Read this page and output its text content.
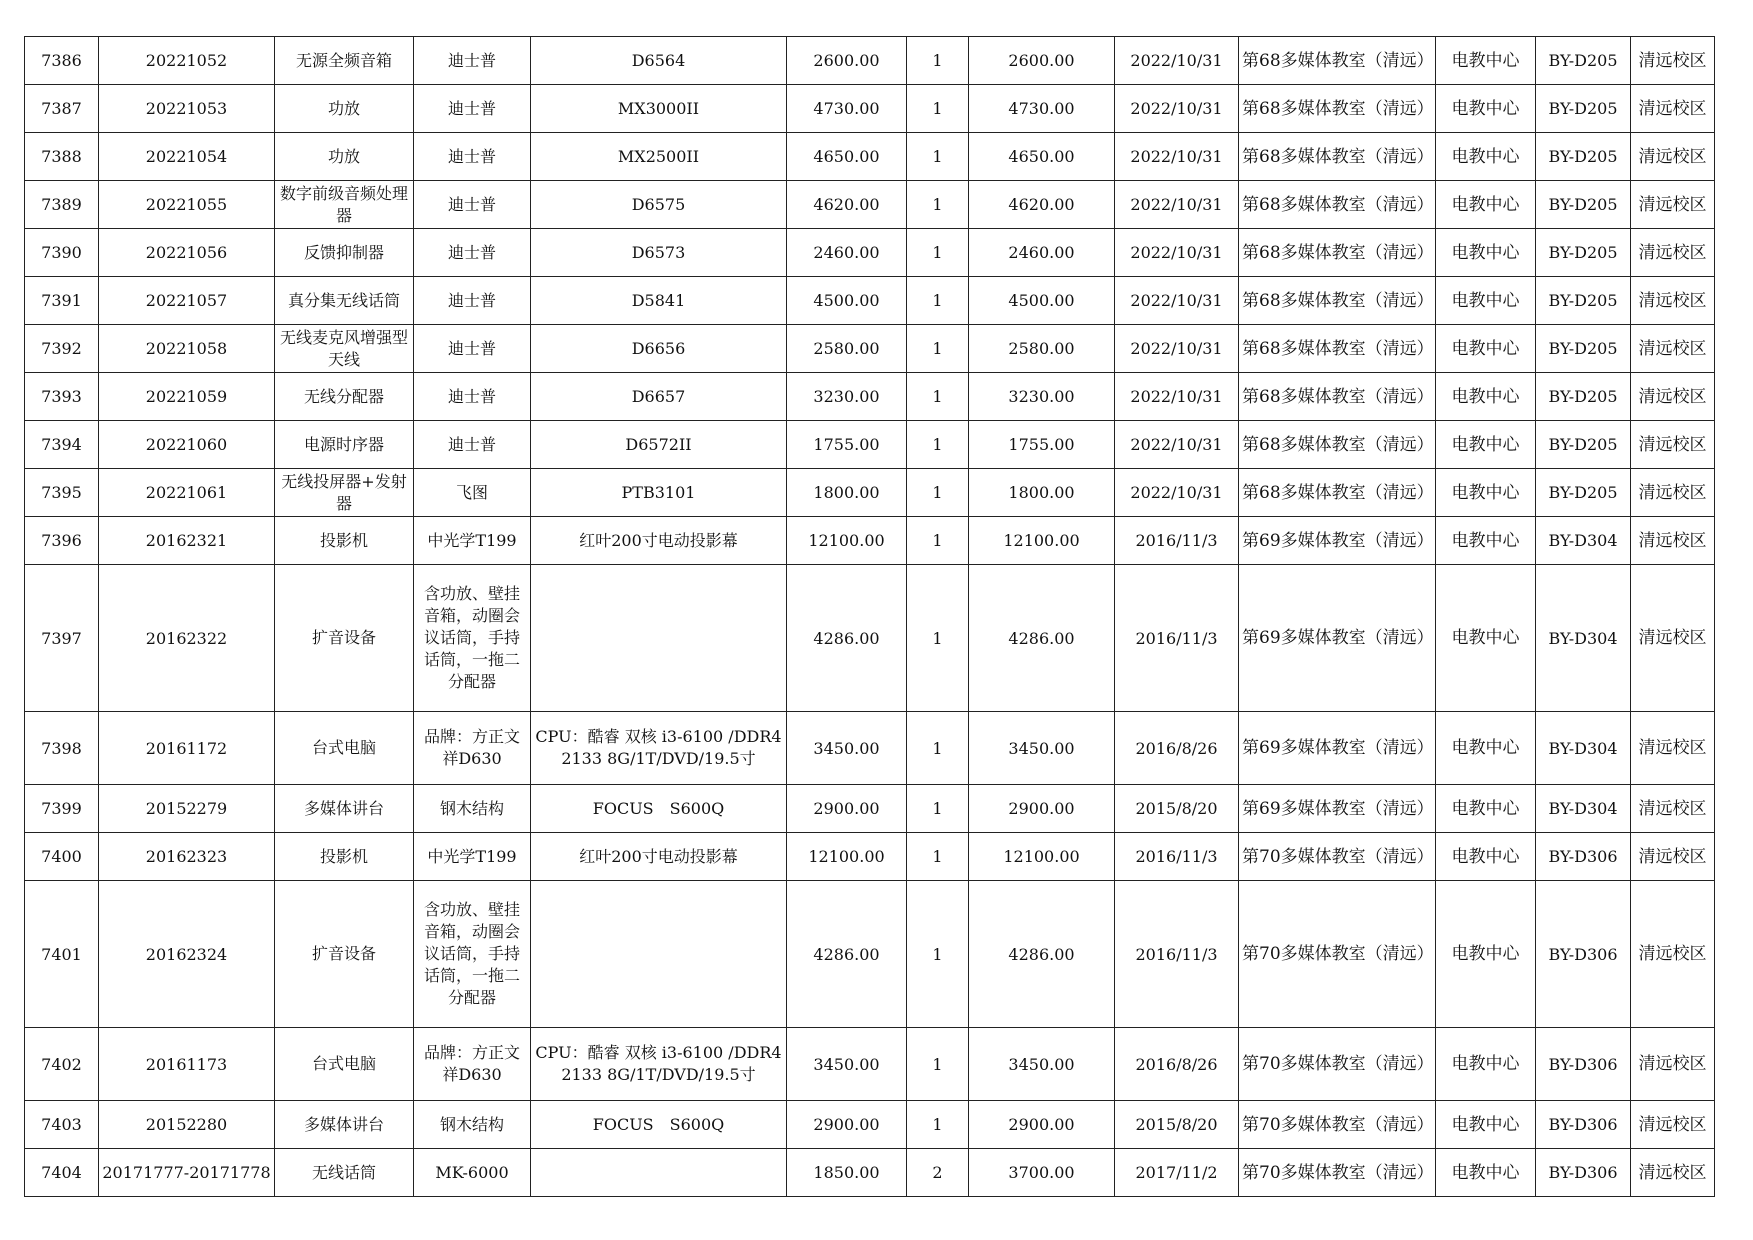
7386	20221052	无源全频音箱	迪士普	D6564	2600.00	1	2600.00	2022/10/31	第68多媒体教室（清远）	电教中心	BY-D205	清远校区
7387	20221053	功放	迪士普	MX3000II	4730.00	1	4730.00	2022/10/31	第68多媒体教室（清远）	电教中心	BY-D205	清远校区
7388	20221054	功放	迪士普	MX2500II	4650.00	1	4650.00	2022/10/31	第68多媒体教室（清远）	电教中心	BY-D205	清远校区
7389	20221055	数字前级音频处理器	迪士普	D6575	4620.00	1	4620.00	2022/10/31	第68多媒体教室（清远）	电教中心	BY-D205	清远校区
7390	20221056	反馈抑制器	迪士普	D6573	2460.00	1	2460.00	2022/10/31	第68多媒体教室（清远）	电教中心	BY-D205	清远校区
7391	20221057	真分集无线话筒	迪士普	D5841	4500.00	1	4500.00	2022/10/31	第68多媒体教室（清远）	电教中心	BY-D205	清远校区
7392	20221058	无线麦克风增强型天线	迪士普	D6656	2580.00	1	2580.00	2022/10/31	第68多媒体教室（清远）	电教中心	BY-D205	清远校区
7393	20221059	无线分配器	迪士普	D6657	3230.00	1	3230.00	2022/10/31	第68多媒体教室（清远）	电教中心	BY-D205	清远校区
7394	20221060	电源时序器	迪士普	D6572II	1755.00	1	1755.00	2022/10/31	第68多媒体教室（清远）	电教中心	BY-D205	清远校区
7395	20221061	无线投屏器+发射器	飞图	PTB3101	1800.00	1	1800.00	2022/10/31	第68多媒体教室（清远）	电教中心	BY-D205	清远校区
7396	20162321	投影机	中光学T199	红叶200寸电动投影幕	12100.00	1	12100.00	2016/11/3	第69多媒体教室（清远）	电教中心	BY-D304	清远校区
7397	20162322	扩音设备	含功放、壁挂音箱，动圈会议话筒，手持话筒，一拖二分配器		4286.00	1	4286.00	2016/11/3	第69多媒体教室（清远）	电教中心	BY-D304	清远校区
7398	20161172	台式电脑	品牌：方正文祥D630	CPU：酷睿 双核 i3-6100 /DDR4 2133 8G/1T/DVD/19.5寸	3450.00	1	3450.00	2016/8/26	第69多媒体教室（清远）	电教中心	BY-D304	清远校区
7399	20152279	多媒体讲台	钢木结构	FOCUS　S600Q	2900.00	1	2900.00	2015/8/20	第69多媒体教室（清远）	电教中心	BY-D304	清远校区
7400	20162323	投影机	中光学T199	红叶200寸电动投影幕	12100.00	1	12100.00	2016/11/3	第70多媒体教室（清远）	电教中心	BY-D306	清远校区
7401	20162324	扩音设备	含功放、壁挂音箱，动圈会议话筒，手持话筒，一拖二分配器		4286.00	1	4286.00	2016/11/3	第70多媒体教室（清远）	电教中心	BY-D306	清远校区
7402	20161173	台式电脑	品牌：方正文祥D630	CPU：酷睿 双核 i3-6100 /DDR4 2133 8G/1T/DVD/19.5寸	3450.00	1	3450.00	2016/8/26	第70多媒体教室（清远）	电教中心	BY-D306	清远校区
7403	20152280	多媒体讲台	钢木结构	FOCUS　S600Q	2900.00	1	2900.00	2015/8/20	第70多媒体教室（清远）	电教中心	BY-D306	清远校区
7404	20171777-20171778	无线话筒	MK-6000		1850.00	2	3700.00	2017/11/2	第70多媒体教室（清远）	电教中心	BY-D306	清远校区
